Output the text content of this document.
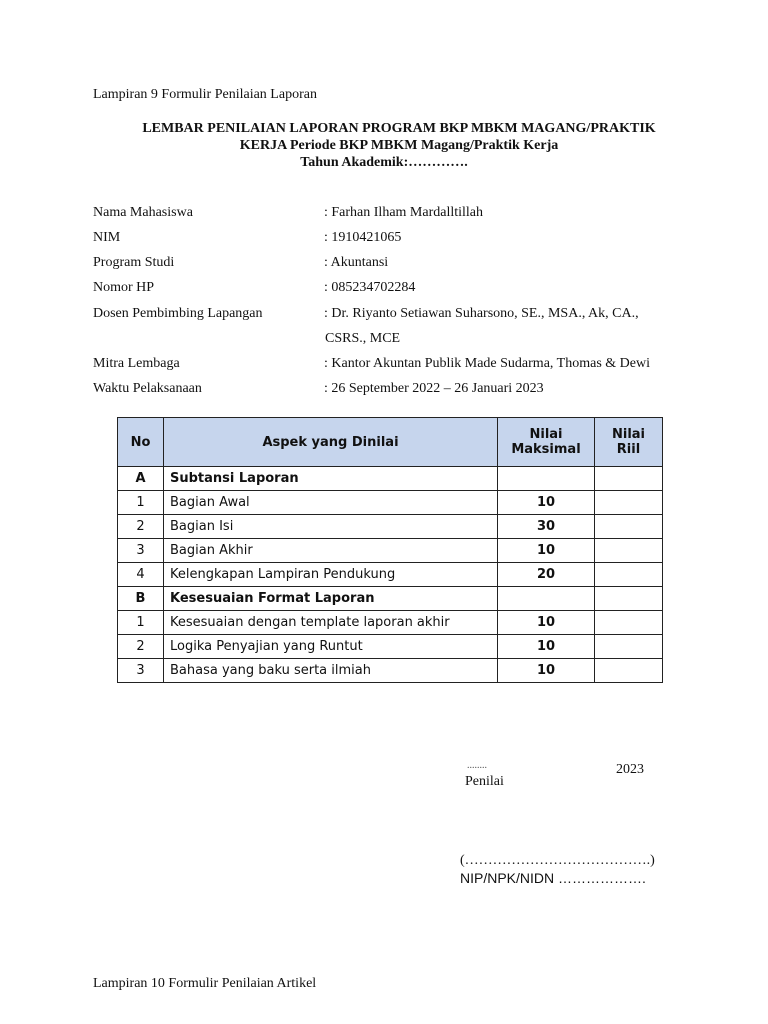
Lampiran 9 Formulir Penilaian Laporan
LEMBAR PENILAIAN LAPORAN PROGRAM BKP MBKM MAGANG/PRAKTIK
KERJA Periode BKP MBKM Magang/Praktik Kerja
Tahun Akademik:………….
Nama Mahasiswa	: Farhan Ilham Mardalltillah
NIM	: 1910421065
Program Studi	: Akuntansi
Nomor HP	: 085234702284
Dosen Pembimbing Lapangan	: Dr. Riyanto Setiawan Suharsono, SE., MSA., Ak, CA.,
CSRS., MCE
Mitra Lembaga	: Kantor Akuntan Publik Made Sudarma, Thomas & Dewi
Waktu Pelaksanaan	: 26 September 2022 – 26 Januari 2023
No	Aspek yang Dinilai	Nilai Maksimal	Nilai Riil
A	Subtansi Laporan		
1	Bagian Awal	10	
2	Bagian Isi	30	
3	Bagian Akhir	10	
4	Kelengkapan Lampiran Pendukung	20	
B	Kesesuaian Format Laporan		
1	Kesesuaian dengan template laporan akhir	10	
2	Logika Penyajian yang Runtut	10	
3	Bahasa yang baku serta ilmiah	10	
........	2023
Penilai
(………………………………….)
NIP/NPK/NIDN ……………….
Lampiran 10 Formulir Penilaian Artikel
